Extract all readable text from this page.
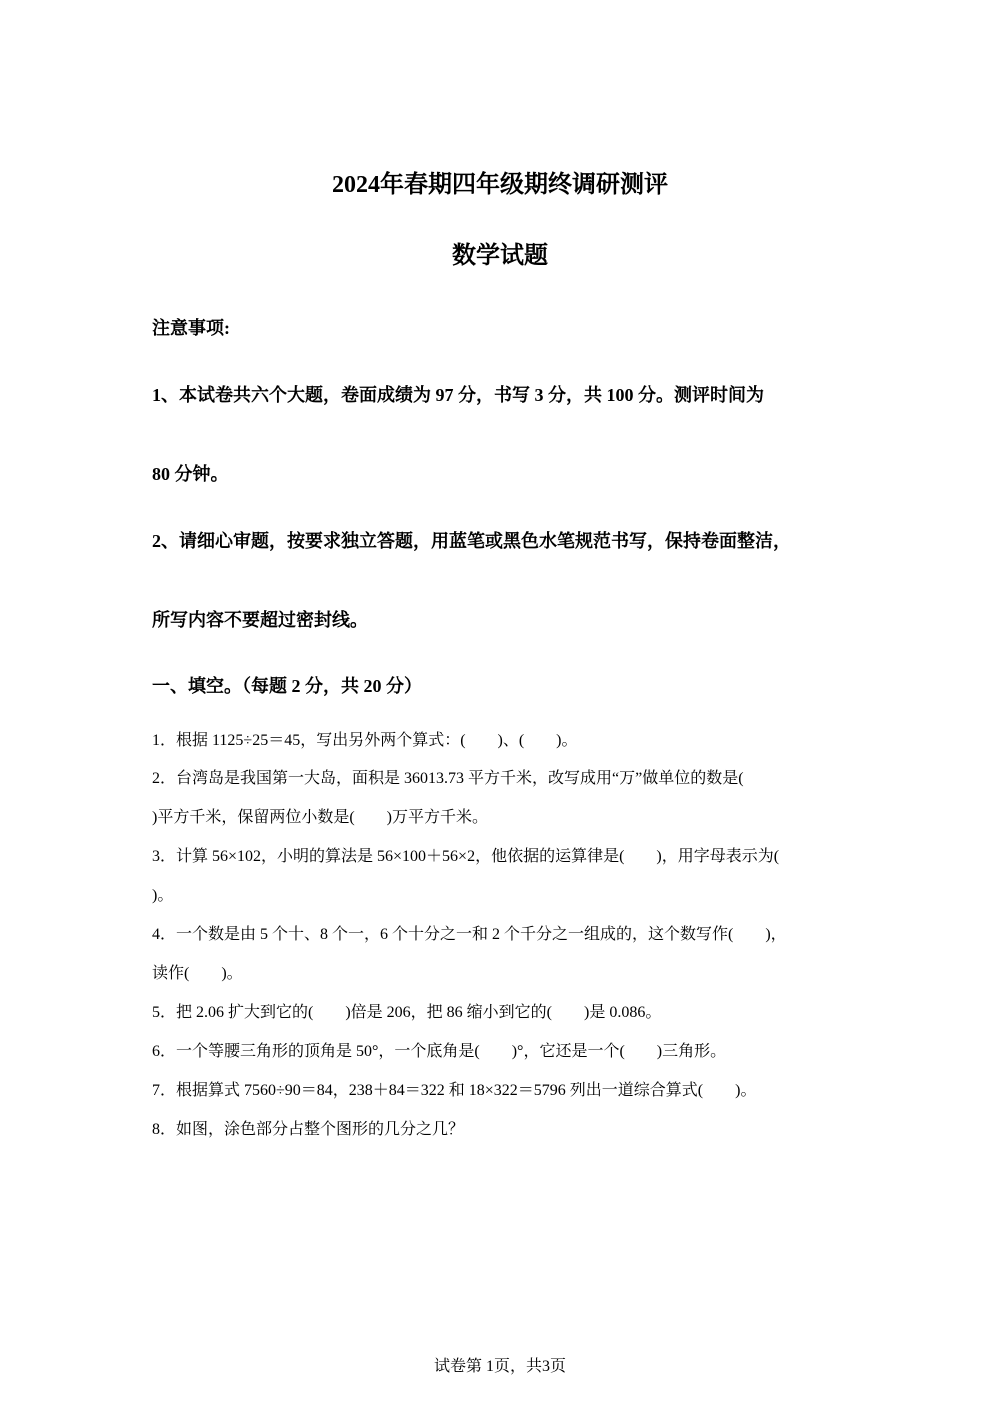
2024年春期四年级期终调研测评
数学试题
注意事项:
1、本试卷共六个大题，卷面成绩为 97 分，书写 3 分，共 100 分。测评时间为
80 分钟。
2、请细心审题，按要求独立答题，用蓝笔或黑色水笔规范书写，保持卷面整洁，
所写内容不要超过密封线。
一、填空。（每题 2 分，共 20 分）
1．根据 1125÷25＝45，写出另外两个算式：(　　)、(　　)。
2．台湾岛是我国第一大岛，面积是 36013.73 平方千米，改写成用“万”做单位的数是(
)平方千米，保留两位小数是(　　)万平方千米。
3．计算 56×102，小明的算法是 56×100＋56×2，他依据的运算律是(　　)，用字母表示为(
)。
4．一个数是由 5 个十、8 个一，6 个十分之一和 2 个千分之一组成的，这个数写作(　　)，
读作(　　)。
5．把 2.06 扩大到它的(　　)倍是 206，把 86 缩小到它的(　　)是 0.086。
6．一个等腰三角形的顶角是 50°，一个底角是(　　)°，它还是一个(　　)三角形。
7．根据算式 7560÷90＝84，238＋84＝322 和 18×322＝5796 列出一道综合算式(　　)。
8．如图，涂色部分占整个图形的几分之几？
试卷第 1页，共3页
